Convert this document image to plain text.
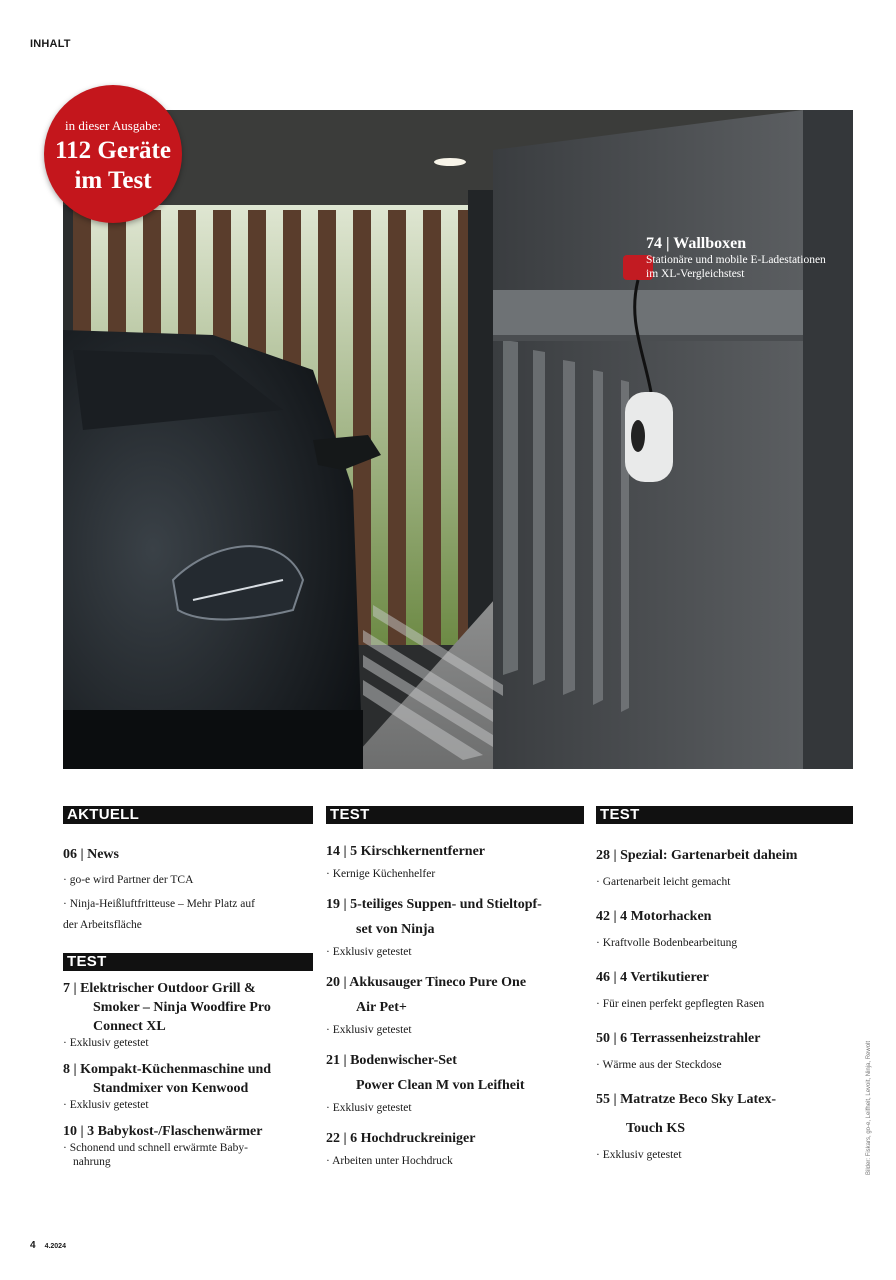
INHALT
74 | Wallboxen
Stationäre und mobile E-Ladestationen
im XL-Vergleichstest
in dieser Ausgabe:
112 Geräte
im Test
AKTUELL
06 | News
· go-e wird Partner der TCA
· Ninja-Heißluftfritteuse – Mehr Platz auf
der Arbeitsfläche
TEST
7 | Elektrischer Outdoor Grill &
Smoker – Ninja Woodfire Pro
Connect XL
· Exklusiv getestet
8 | Kompakt-Küchenmaschine und
Standmixer von Kenwood
· Exklusiv getestet
10 | 3 Babykost-/Flaschenwärmer
· Schonend und schnell erwärmte Baby-
nahrung
TEST
14 | 5 Kirschkernentferner
· Kernige Küchenhelfer
19 | 5-teiliges Suppen- und Stieltopf-
set von Ninja
· Exklusiv getestet
20 | Akkusauger Tineco Pure One
Air Pet+
· Exklusiv getestet
21 | Bodenwischer-Set
Power Clean M von Leifheit
· Exklusiv getestet
22 | 6 Hochdruckreiniger
· Arbeiten unter Hochdruck
TEST
28 | Spezial: Gartenarbeit daheim
· Gartenarbeit leicht gemacht
42 | 4 Motorhacken
· Kraftvolle Bodenbearbeitung
46 | 4 Vertikutierer
· Für einen perfekt gepflegten Rasen
50 | 6 Terrassenheizstrahler
· Wärme aus der Steckdose
55 | Matratze Beco Sky Latex-
Touch KS
· Exklusiv getestet	Bilder: Fiskars, go-e, Leifheit, Levoit, Ninja, Rewolt
4 4.2024
